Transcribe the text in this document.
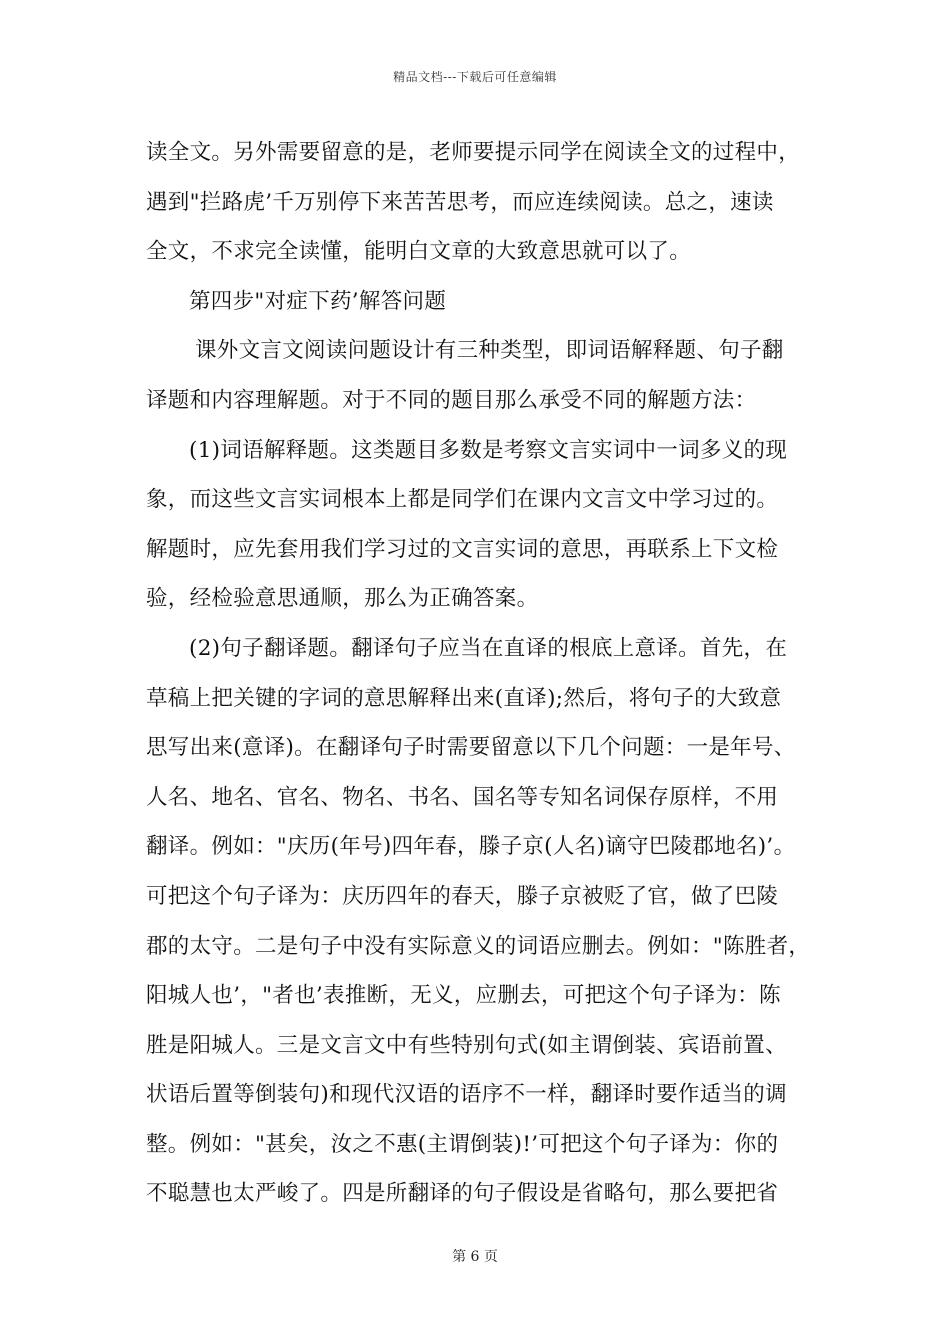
精品文档---下载后可任意编辑
读全文。另外需要留意的是，老师要提示同学在阅读全文的过程中，
遇到"拦路虎’千万别停下来苦苦思考，而应连续阅读。总之，速读
全文，不求完全读懂，能明白文章的大致意思就可以了。
第四步"对症下药’解答问题
课外文言文阅读问题设计有三种类型，即词语解释题、句子翻
译题和内容理解题。对于不同的题目那么承受不同的解题方法：
(1)词语解释题。这类题目多数是考察文言实词中一词多义的现
象，而这些文言实词根本上都是同学们在课内文言文中学习过的。
解题时，应先套用我们学习过的文言实词的意思，再联系上下文检
验，经检验意思通顺，那么为正确答案。
(2)句子翻译题。翻译句子应当在直译的根底上意译。首先，在
草稿上把关键的字词的意思解释出来(直译);然后，将句子的大致意
思写出来(意译)。在翻译句子时需要留意以下几个问题：一是年号、
人名、地名、官名、物名、书名、国名等专知名词保存原样，不用
翻译。例如："庆历(年号)四年春，滕子京(人名)谪守巴陵郡地名)’。
可把这个句子译为：庆历四年的春天，滕子京被贬了官，做了巴陵
郡的太守。二是句子中没有实际意义的词语应删去。例如："陈胜者，
阳城人也’，"者也’表推断，无义，应删去，可把这个句子译为：陈
胜是阳城人。三是文言文中有些特别句式(如主谓倒装、宾语前置、
状语后置等倒装句)和现代汉语的语序不一样，翻译时要作适当的调
整。例如："甚矣，汝之不惠(主谓倒装)!’可把这个句子译为：你的
不聪慧也太严峻了。四是所翻译的句子假设是省略句，那么要把省
第 6 页
